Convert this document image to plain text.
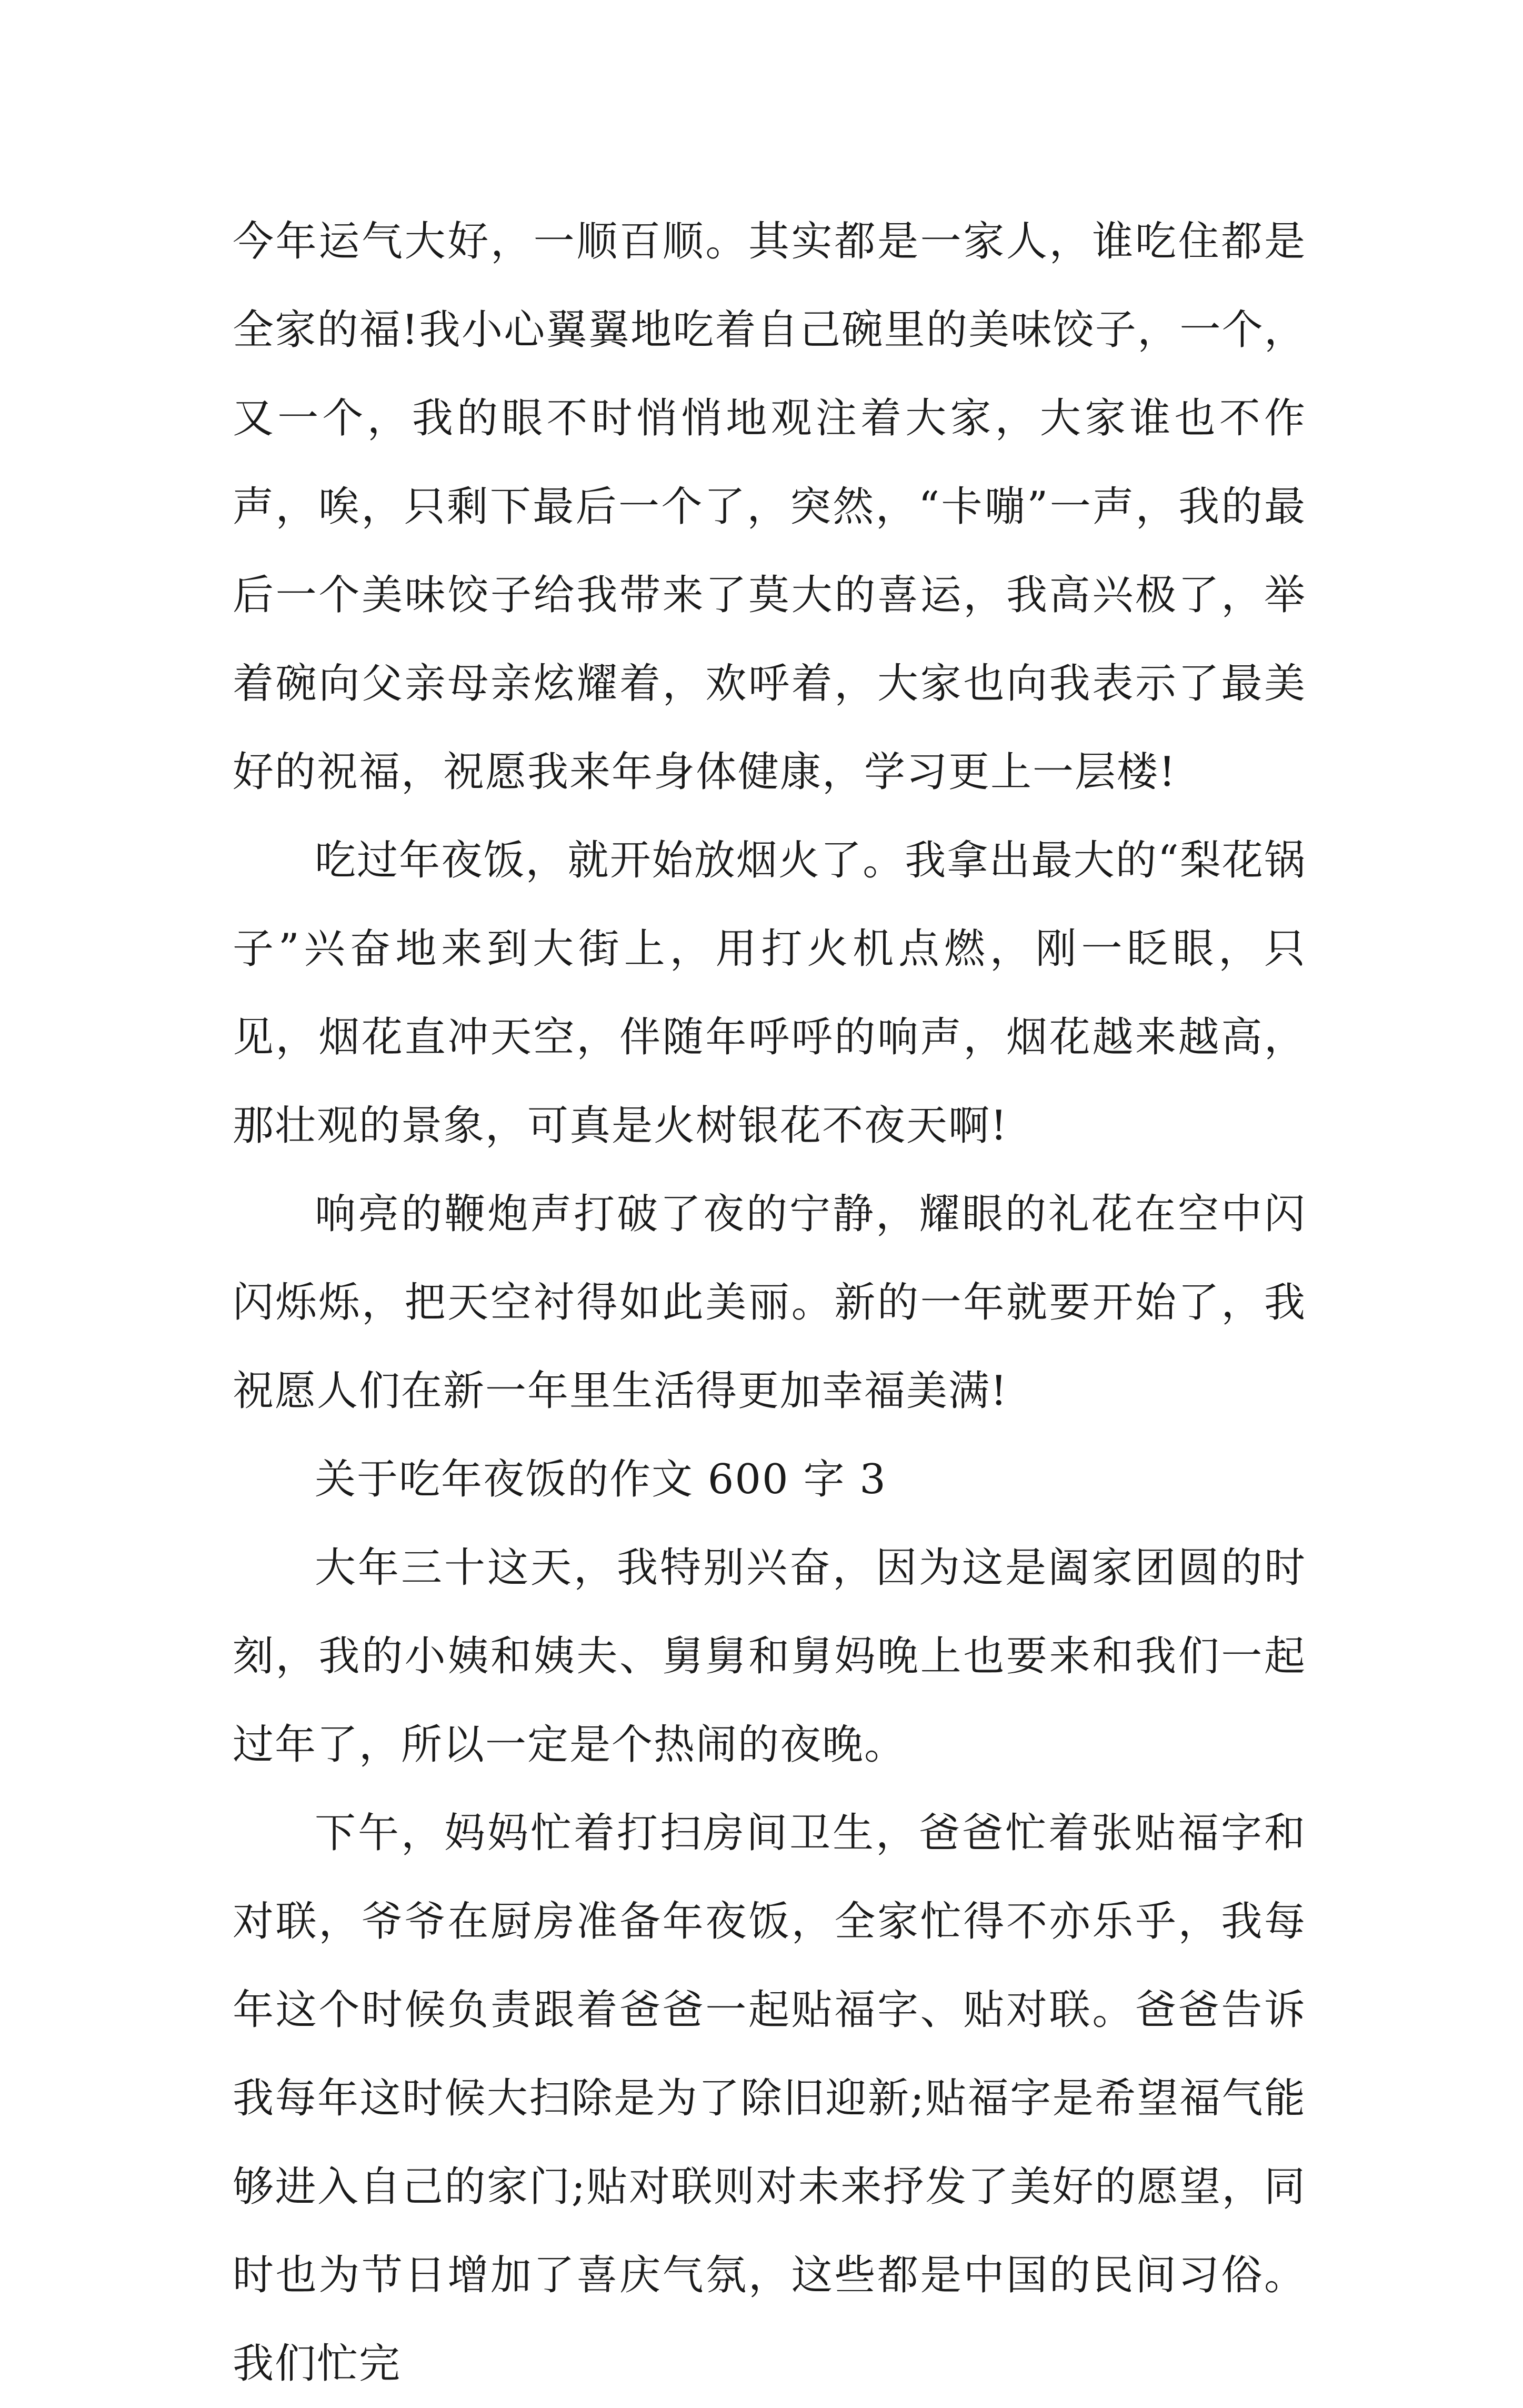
今年运气大好，一顺百顺。其实都是一家人，谁吃住都是全家的福!我小心翼翼地吃着自己碗里的美味饺子，一个，又一个，我的眼不时悄悄地观注着大家，大家谁也不作声，唉，只剩下最后一个了，突然，“卡嘣”一声，我的最后一个美味饺子给我带来了莫大的喜运，我高兴极了，举着碗向父亲母亲炫耀着，欢呼着，大家也向我表示了最美好的祝福，祝愿我来年身体健康，学习更上一层楼!

吃过年夜饭，就开始放烟火了。我拿出最大的“梨花锅子”兴奋地来到大街上，用打火机点燃，刚一眨眼，只见，烟花直冲天空，伴随年呼呼的响声，烟花越来越高，那壮观的景象，可真是火树银花不夜天啊!

响亮的鞭炮声打破了夜的宁静，耀眼的礼花在空中闪闪烁烁，把天空衬得如此美丽。新的一年就要开始了，我祝愿人们在新一年里生活得更加幸福美满!

关于吃年夜饭的作文 600 字 3

大年三十这天，我特别兴奋，因为这是阖家团圆的时刻，我的小姨和姨夫、舅舅和舅妈晚上也要来和我们一起过年了，所以一定是个热闹的夜晚。

下午，妈妈忙着打扫房间卫生，爸爸忙着张贴福字和对联，爷爷在厨房准备年夜饭，全家忙得不亦乐乎，我每年这个时候负责跟着爸爸一起贴福字、贴对联。爸爸告诉我每年这时候大扫除是为了除旧迎新;贴福字是希望福气能够进入自己的家门;贴对联则对未来抒发了美好的愿望，同时也为节日增加了喜庆气氛，这些都是中国的民间习俗。我们忙完
